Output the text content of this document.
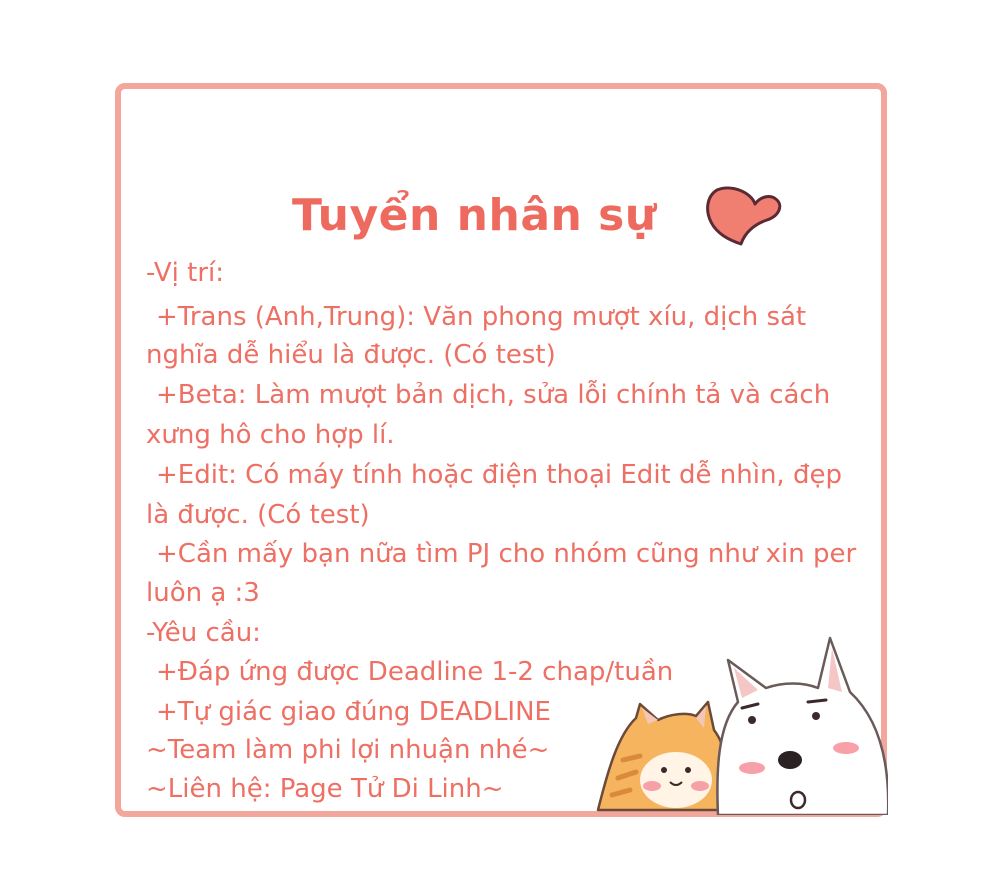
Tuyển nhân sự
-Vị trí:
+Trans (Anh,Trung): Văn phong mượt xíu, dịch sát
nghĩa dễ hiểu là được. (Có test)
+Beta: Làm mượt bản dịch, sửa lỗi chính tả và cách
xưng hô cho hợp lí.
+Edit: Có máy tính hoặc điện thoại Edit dễ nhìn, đẹp
là được. (Có test)
+Cần mấy bạn nữa tìm PJ cho nhóm cũng như xin per
luôn ạ :3
-Yêu cầu:
+Đáp ứng được Deadline 1-2 chap/tuần
+Tự giác giao đúng DEADLINE
~Team làm phi lợi nhuận nhé~
~Liên hệ: Page Tử Di Linh~
